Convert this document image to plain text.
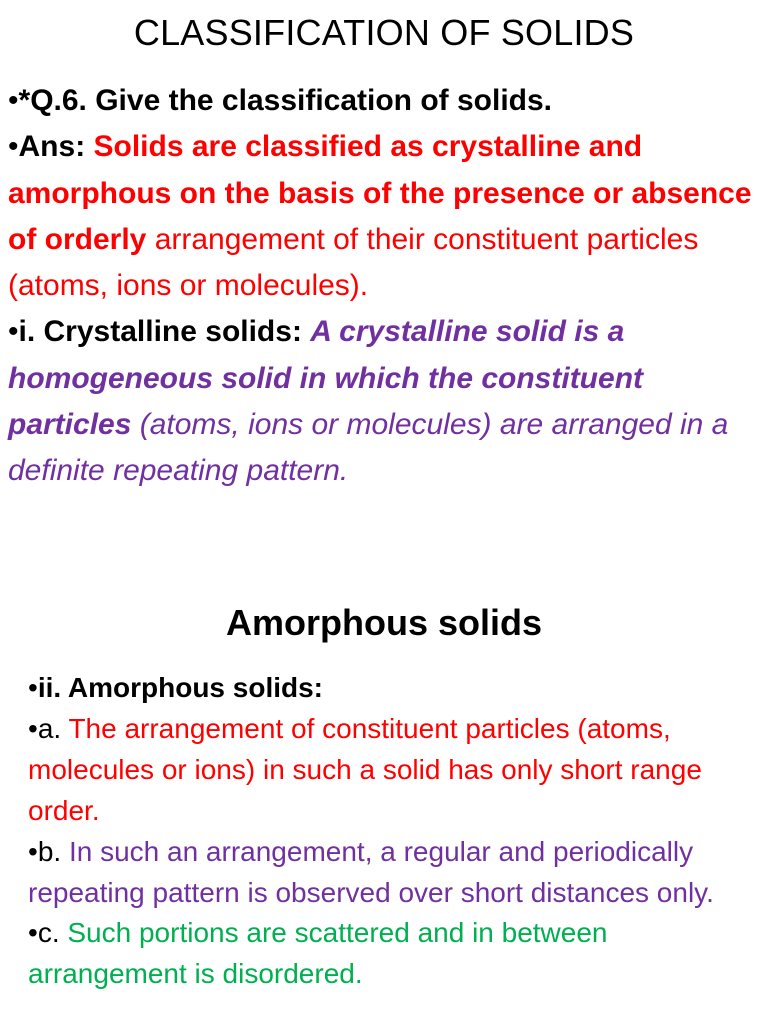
CLASSIFICATION OF SOLIDS

•*Q.6. Give the classification of solids.

•Ans: Solids are classified as crystalline and amorphous on the basis of the presence or absence of orderly arrangement of their constituent particles (atoms, ions or molecules).

•i. Crystalline solids: A crystalline solid is a homogeneous solid in which the constituent particles (atoms, ions or molecules) are arranged in a definite repeating pattern.

Amorphous solids

•ii. Amorphous solids:

•a. The arrangement of constituent particles (atoms, molecules or ions) in such a solid has only short range order.

•b. In such an arrangement, a regular and periodically repeating pattern is observed over short distances only.

•c. Such portions are scattered and in between arrangement is disordered.
